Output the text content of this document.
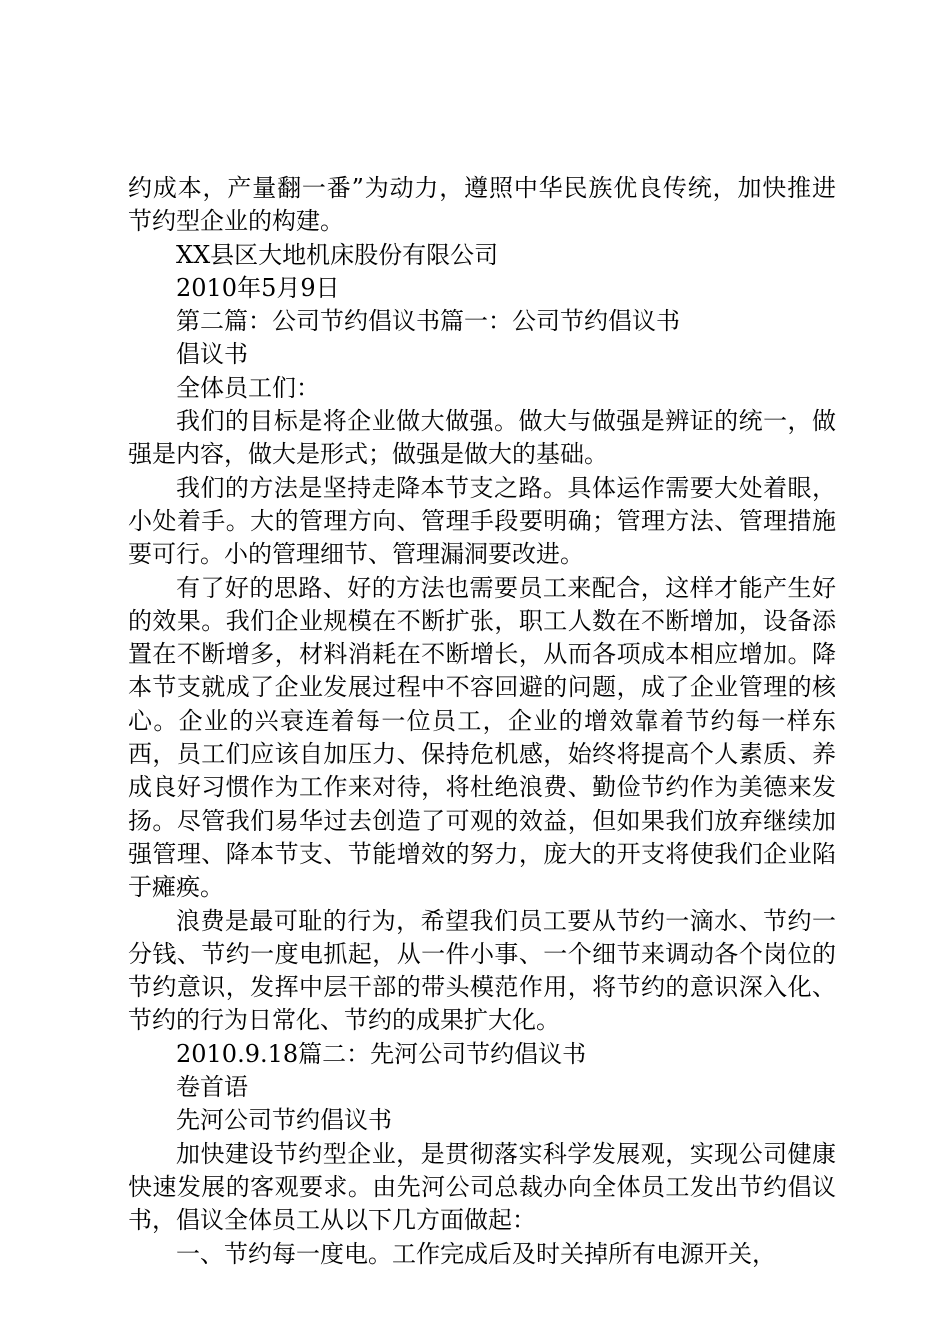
约成本，产量翻一番”为动力，遵照中华民族优良传统，加快推进节约型企业的构建。

XX县区大地机床股份有限公司

2010年5月9日

第二篇：公司节约倡议书篇一：公司节约倡议书

倡议书

全体员工们：

我们的目标是将企业做大做强。做大与做强是辨证的统一，做强是内容，做大是形式；做强是做大的基础。

我们的方法是坚持走降本节支之路。具体运作需要大处着眼，小处着手。大的管理方向、管理手段要明确；管理方法、管理措施要可行。小的管理细节、管理漏洞要改进。

有了好的思路、好的方法也需要员工来配合，这样才能产生好的效果。我们企业规模在不断扩张，职工人数在不断增加，设备添置在不断增多，材料消耗在不断增长，从而各项成本相应增加。降本节支就成了企业发展过程中不容回避的问题，成了企业管理的核心。企业的兴衰连着每一位员工，企业的增效靠着节约每一样东西，员工们应该自加压力、保持危机感，始终将提高个人素质、养成良好习惯作为工作来对待，将杜绝浪费、勤俭节约作为美德来发扬。尽管我们易华过去创造了可观的效益，但如果我们放弃继续加强管理、降本节支、节能增效的努力，庞大的开支将使我们企业陷于瘫痪。

浪费是最可耻的行为，希望我们员工要从节约一滴水、节约一分钱、节约一度电抓起，从一件小事、一个细节来调动各个岗位的节约意识，发挥中层干部的带头模范作用，将节约的意识深入化、节约的行为日常化、节约的成果扩大化。

2010.9.18篇二：先河公司节约倡议书

卷首语

先河公司节约倡议书

加快建设节约型企业，是贯彻落实科学发展观，实现公司健康快速发展的客观要求。由先河公司总裁办向全体员工发出节约倡议书，倡议全体员工从以下几方面做起：

一、节约每一度电。工作完成后及时关掉所有电源开关，
